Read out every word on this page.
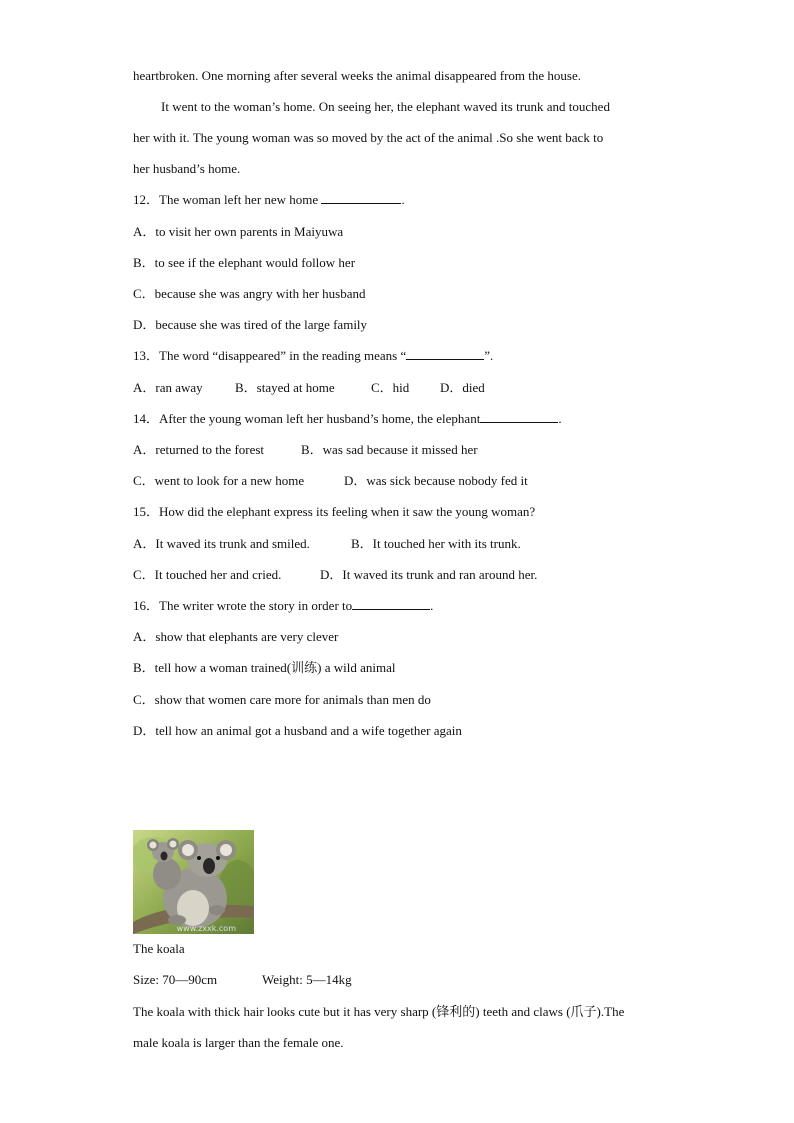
heartbroken. One morning after several weeks the animal disappeared from the house.
It went to the woman’s home. On seeing her, the elephant waved its trunk and touched
her with it. The young woman was so moved by the act of the animal .So she went back to
her husband’s home.
12．The woman left her new home	.
A．to visit her own parents in Maiyuwa
B．to see if the elephant would follow her
C．because she was angry with her husband
D．because she was tired of the large family
13．The word “disappeared” in the reading means “	”.
A．ran away B．stayed at home	C．hid D．died
14．After the young woman left her husband’s home, the elephant	.
A．returned to the forest	B．was sad because it missed her
C．went to look for a new home	D．was sick because nobody fed it
15．How did the elephant express its feeling when it saw the young woman?
A．It waved its trunk and smiled.	B．It touched her with its trunk.
C．It touched her and cried.	D．It waved its trunk and ran around her.
16．The writer wrote the story in order to	.
A．show that elephants are very clever
B．tell how a woman trained(训练) a wild animal
C．show that women care more for animals than men do
D．tell how an animal got a husband and a wife together again
www.zxxk.com
The koala
Size: 70—90cm	Weight: 5—14kg
The koala with thick hair looks cute but it has very sharp (锋利的) teeth and claws (爪子).The
male koala is larger than the female one.
